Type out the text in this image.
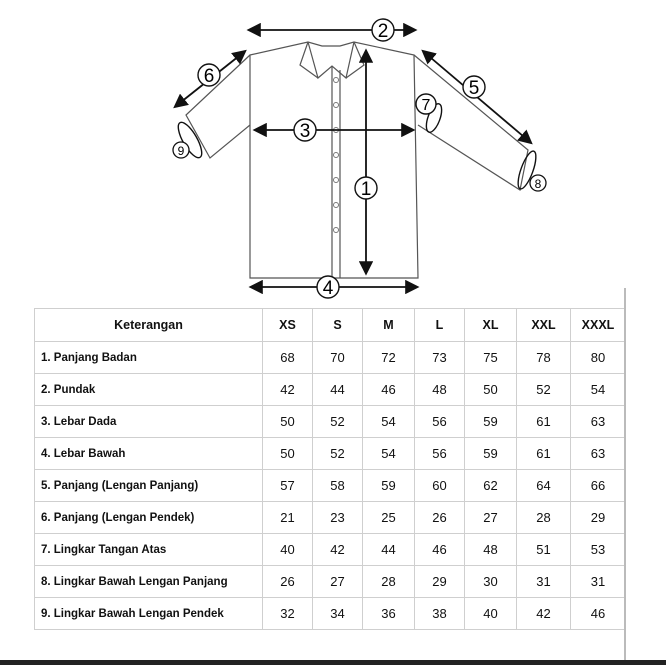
1
2
3
4
5
6
7
8
9
Keterangan	XS	S	M	L	XL	XXL	XXXL
1. Panjang Badan	68	70	72	73	75	78	80
2. Pundak	42	44	46	48	50	52	54
3. Lebar Dada	50	52	54	56	59	61	63
4. Lebar Bawah	50	52	54	56	59	61	63
5. Panjang (Lengan Panjang)	57	58	59	60	62	64	66
6. Panjang (Lengan Pendek)	21	23	25	26	27	28	29
7. Lingkar Tangan Atas	40	42	44	46	48	51	53
8. Lingkar Bawah Lengan Panjang	26	27	28	29	30	31	31
9. Lingkar Bawah Lengan Pendek	32	34	36	38	40	42	46
